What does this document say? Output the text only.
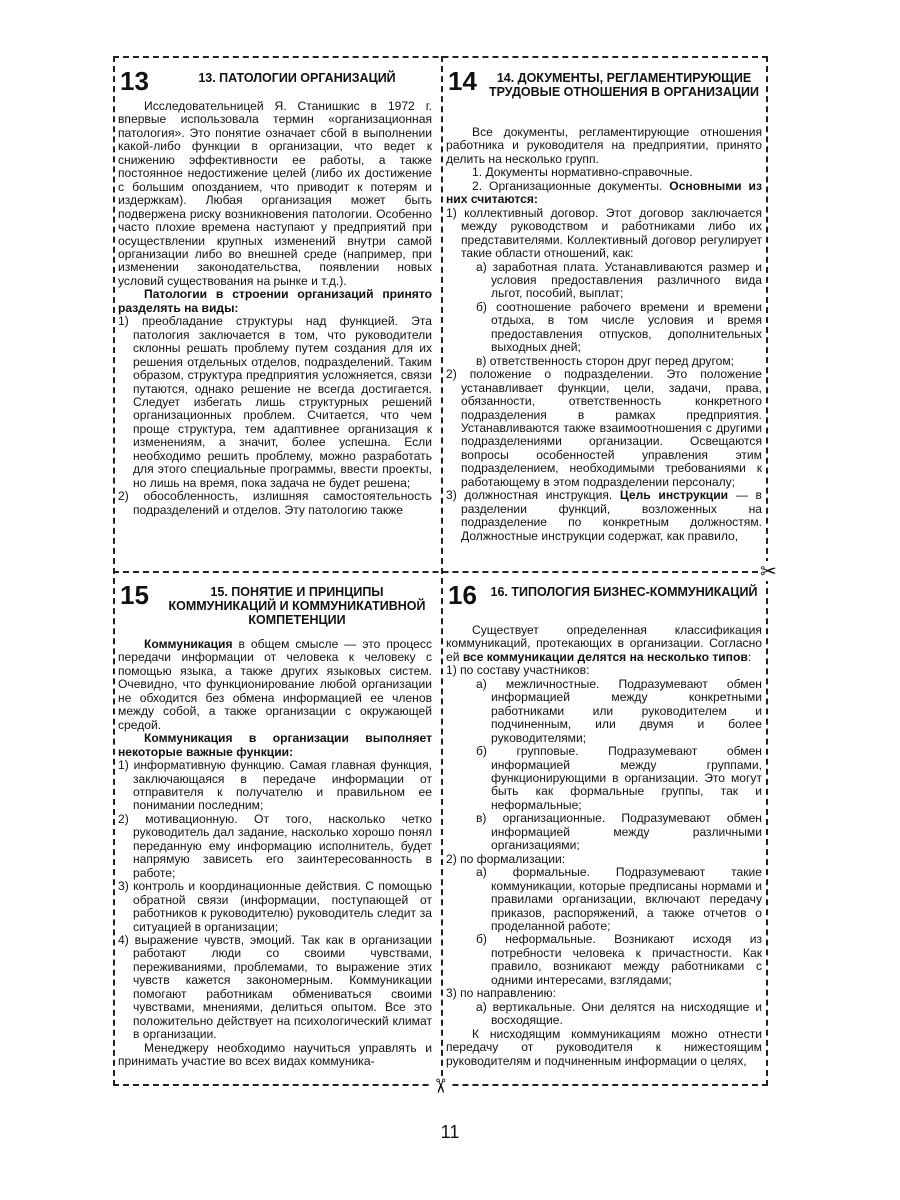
✂
✂
13	13. ПАТОЛОГИИ ОРГАНИЗАЦИЙ

Исследовательницей Я. Станишкис в 1972 г. впервые использовала термин «организационная патология». Это понятие означает сбой в выполнении какой-либо функции в организации, что ведет к снижению эффективности ее работы, а также постоянное недостижение целей (либо их достижение с большим опозданием, что приводит к потерям и издержкам). Любая организация может быть подвержена риску возникновения патологии. Особенно часто плохие времена наступают у предприятий при осуществлении крупных изменений внутри самой организации либо во внешней среде (например, при изменении законодательства, появлении новых условий существования на рынке и т.д.).

Патологии в строении организаций принято разделять на виды:

1) преобладание структуры над функцией. Эта патология заключается в том, что руководители склонны решать проблему путем создания для их решения отдельных отделов, подразделений. Таким образом, структура предприятия усложняется, связи путаются, однако решение не всегда достигается. Следует избегать лишь структурных решений организационных проблем. Считается, что чем проще структура, тем адаптивнее организация к изменениям, а значит, более успешна. Если необходимо решить проблему, можно разработать для этого специальные программы, ввести проекты, но лишь на время, пока задача не будет решена;

2) обособленность, излишняя самостоятельность подразделений и отделов. Эту патологию также

14	14. ДОКУМЕНТЫ, РЕГЛАМЕНТИРУЮЩИЕ ТРУДОВЫЕ ОТНОШЕНИЯ В ОРГАНИЗАЦИИ

Все документы, регламентирующие отношения работника и руководителя на предприятии, принято делить на несколько групп.

1. Документы нормативно-справочные.

2. Организационные документы. Основными из них считаются:

1) коллективный договор. Этот договор заключается между руководством и работниками либо их представителями. Коллективный договор регулирует такие области отношений, как:

а) заработная плата. Устанавливаются размер и условия предоставления различного вида льгот, пособий, выплат;

б) соотношение рабочего времени и времени отдыха, в том числе условия и время предоставления отпусков, дополнительных выходных дней;

в) ответственность сторон друг перед другом;

2) положение о подразделении. Это положение устанавливает функции, цели, задачи, права, обязанности, ответственность конкретного подразделения в рамках предприятия. Устанавливаются также взаимоотношения с другими подразделениями организации. Освещаются вопросы особенностей управления этим подразделением, необходимыми требованиями к работающему в этом подразделении персоналу;

3) должностная инструкция. Цель инструкции — в разделении функций, возложенных на подразделение по конкретным должностям. Должностные инструкции содержат, как правило,

15	15. ПОНЯТИЕ И ПРИНЦИПЫ КОММУНИКАЦИЙ И КОММУНИКАТИВНОЙ КОМПЕТЕНЦИИ

Коммуникация в общем смысле — это процесс передачи информации от человека к человеку с помощью языка, а также других языковых систем. Очевидно, что функционирование любой организации не обходится без обмена информацией ее членов между собой, а также организации с окружающей средой.

Коммуникация в организации выполняет некоторые важные функции:

1) информативную функцию. Самая главная функция, заключающаяся в передаче информации от отправителя к получателю и правильном ее понимании последним;

2) мотивационную. От того, насколько четко руководитель дал задание, насколько хорошо понял переданную ему информацию исполнитель, будет напрямую зависеть его заинтересованность в работе;

3) контроль и координационные действия. С помощью обратной связи (информации, поступающей от работников к руководителю) руководитель следит за ситуацией в организации;

4) выражение чувств, эмоций. Так как в организации работают люди со своими чувствами, переживаниями, проблемами, то выражение этих чувств кажется закономерным. Коммуникации помогают работникам обмениваться своими чувствами, мнениями, делиться опытом. Все это положительно действует на психологический климат в организации.

Менеджеру необходимо научиться управлять и принимать участие во всех видах коммуника-

16	16. ТИПОЛОГИЯ БИЗНЕС-КОММУНИКАЦИЙ

Существует определенная классификация коммуникаций, протекающих в организации. Согласно ей все коммуникации делятся на несколько типов:

1) по составу участников:

а) межличностные. Подразумевают обмен информацией между конкретными работниками или руководителем и подчиненным, или двумя и более руководителями;

б) групповые. Подразумевают обмен информацией между группами, функционирующими в организации. Это могут быть как формальные группы, так и неформальные;

в) организационные. Подразумевают обмен информацией между различными организациями;

2) по формализации:

а) формальные. Подразумевают такие коммуникации, которые предписаны нормами и правилами организации, включают передачу приказов, распоряжений, а также отчетов о проделанной работе;

б) неформальные. Возникают исходя из потребности человека к причастности. Как правило, возникают между работниками с одними интересами, взглядами;

3) по направлению:

а) вертикальные. Они делятся на нисходящие и восходящие.

К нисходящим коммуникациям можно отнести передачу от руководителя к нижестоящим руководителям и подчиненным информации о целях,

11
